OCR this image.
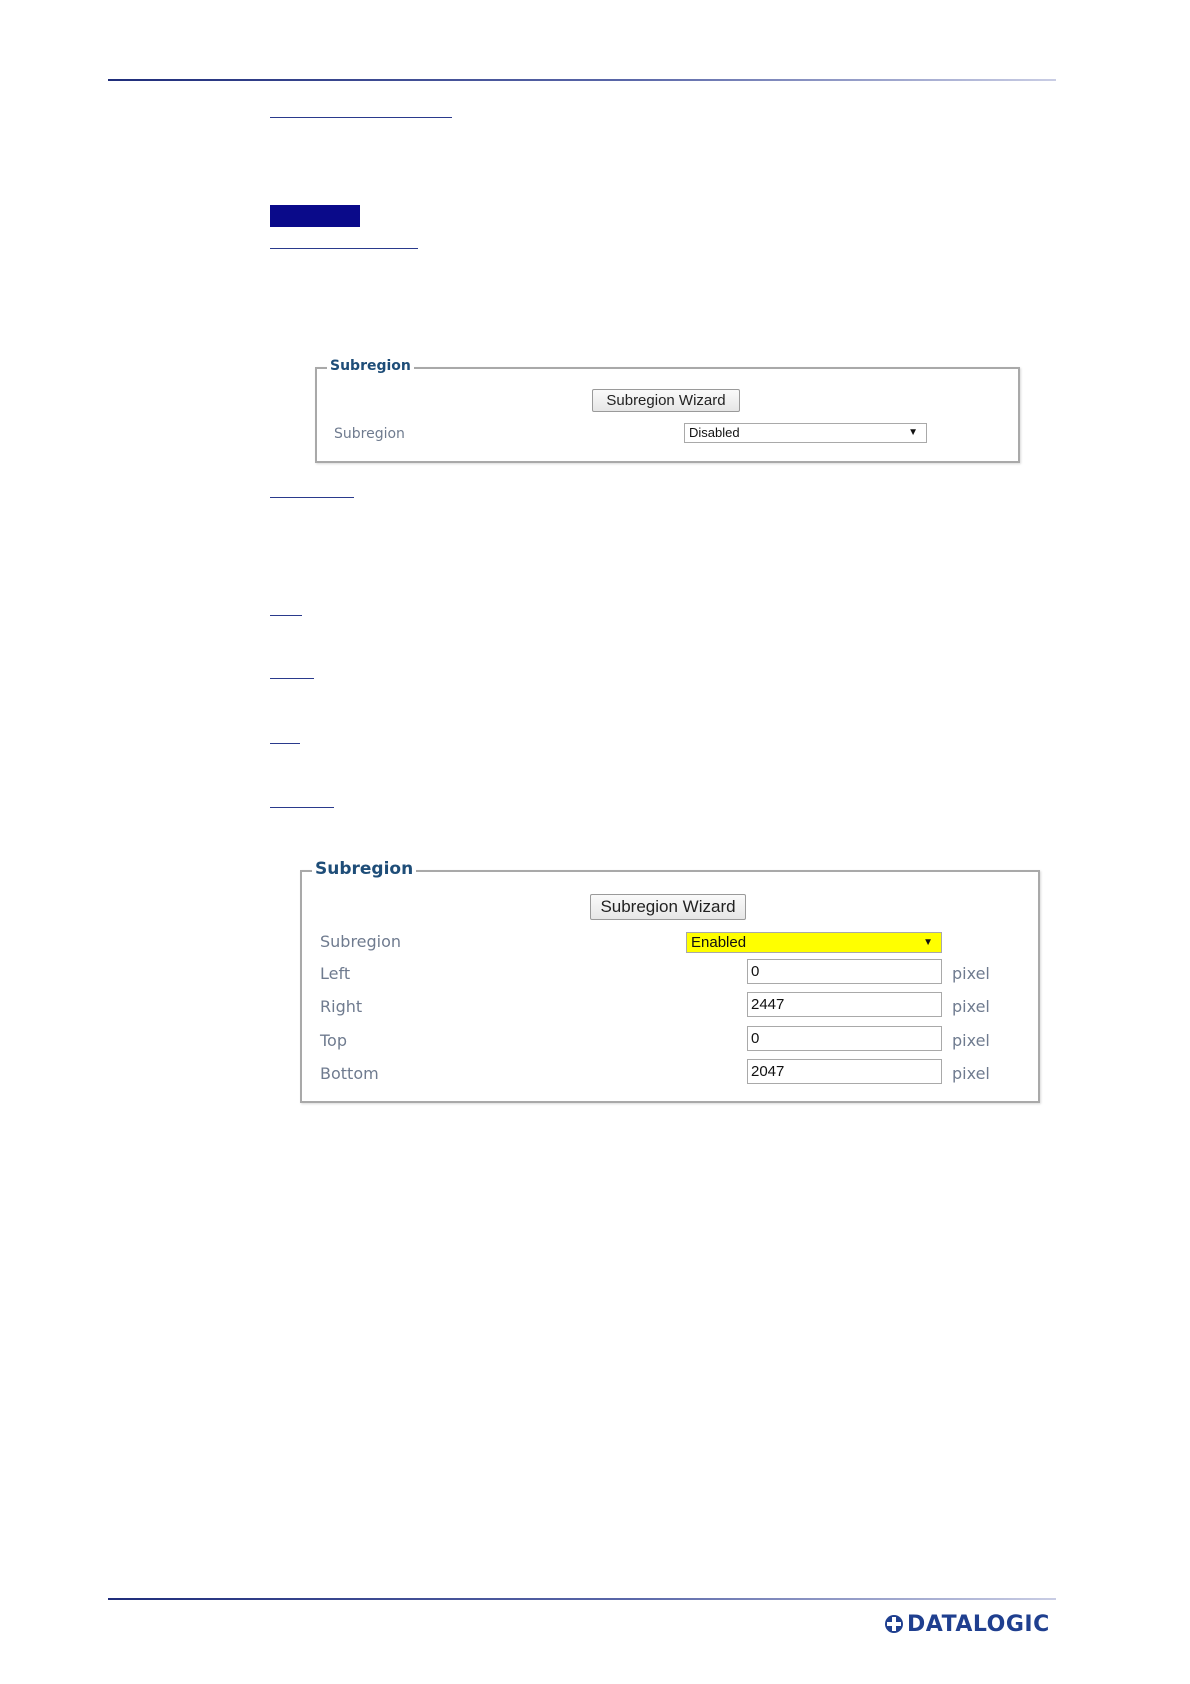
Subregion
Subregion Wizard
Subregion	Disabled	▼
Subregion
Subregion Wizard
Subregion	Enabled	▼
Left	0	pixel
Right	2447	pixel
Top	0	pixel
Bottom	2047	pixel
DATALOGIC
